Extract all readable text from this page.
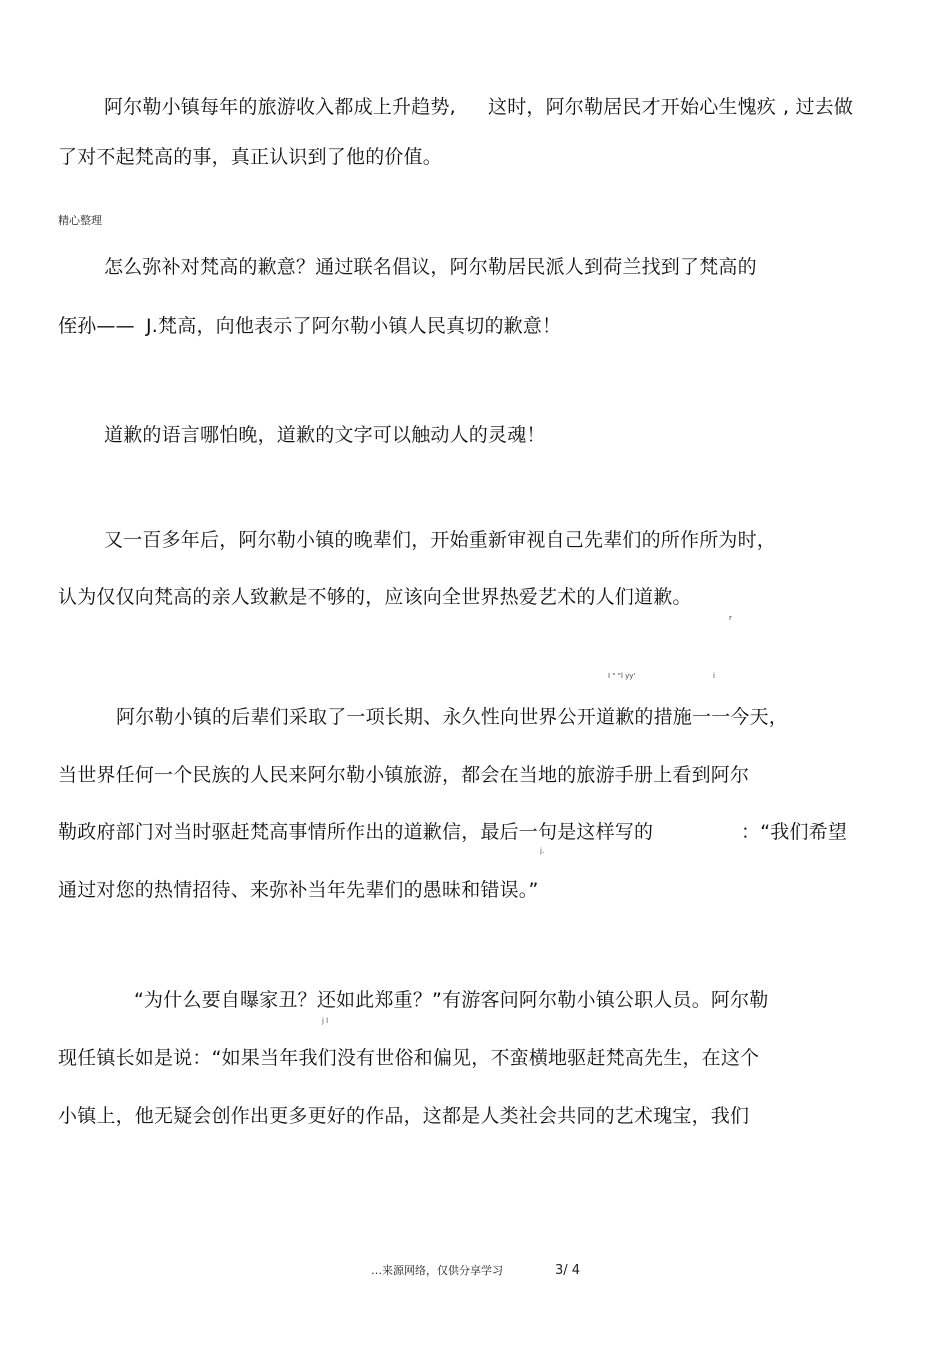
阿尔勒小镇每年的旅游收入都成上升趋势, 这时，阿尔勒居民才开始心生愧疚 , 过去做
了对不起梵高的事，真正认识到了他的价值。
精心整理
怎么弥补对梵高的歉意？通过联名倡议，阿尔勒居民派人到荷兰找到了梵高的
侄孙—— J.梵高，向他表示了阿尔勒小镇人民真切的歉意！
道歉的语言哪怕晚，道歉的文字可以触动人的灵魂！
又一百多年后，阿尔勒小镇的晚辈们，开始重新审视自己先辈们的所作所为时，
认为仅仅向梵高的亲人致歉是不够的，应该向全世界热爱艺术的人们道歉。
r
I " "l yy'	i
阿尔勒小镇的后辈们采取了一项长期、永久性向世界公开道歉的措施一一今天，
当世界任何一个民族的人民来阿尔勒小镇旅游，都会在当地的旅游手册上看到阿尔
勒政府部门对当时驱赶梵高事情所作出的道歉信，最后一句是这样写的	：“我们希望
j.
通过对您的热情招待、来弥补当年先辈们的愚昧和错误。”
“为什么要自曝家丑？还如此郑重？”有游客问阿尔勒小镇公职人员。阿尔勒
j l
现任镇长如是说：“如果当年我们没有世俗和偏见，不蛮横地驱赶梵高先生，在这个
小镇上，他无疑会创作出更多更好的作品，这都是人类社会共同的艺术瑰宝，我们
…来源网络，仅供分享学习	3/ 4
